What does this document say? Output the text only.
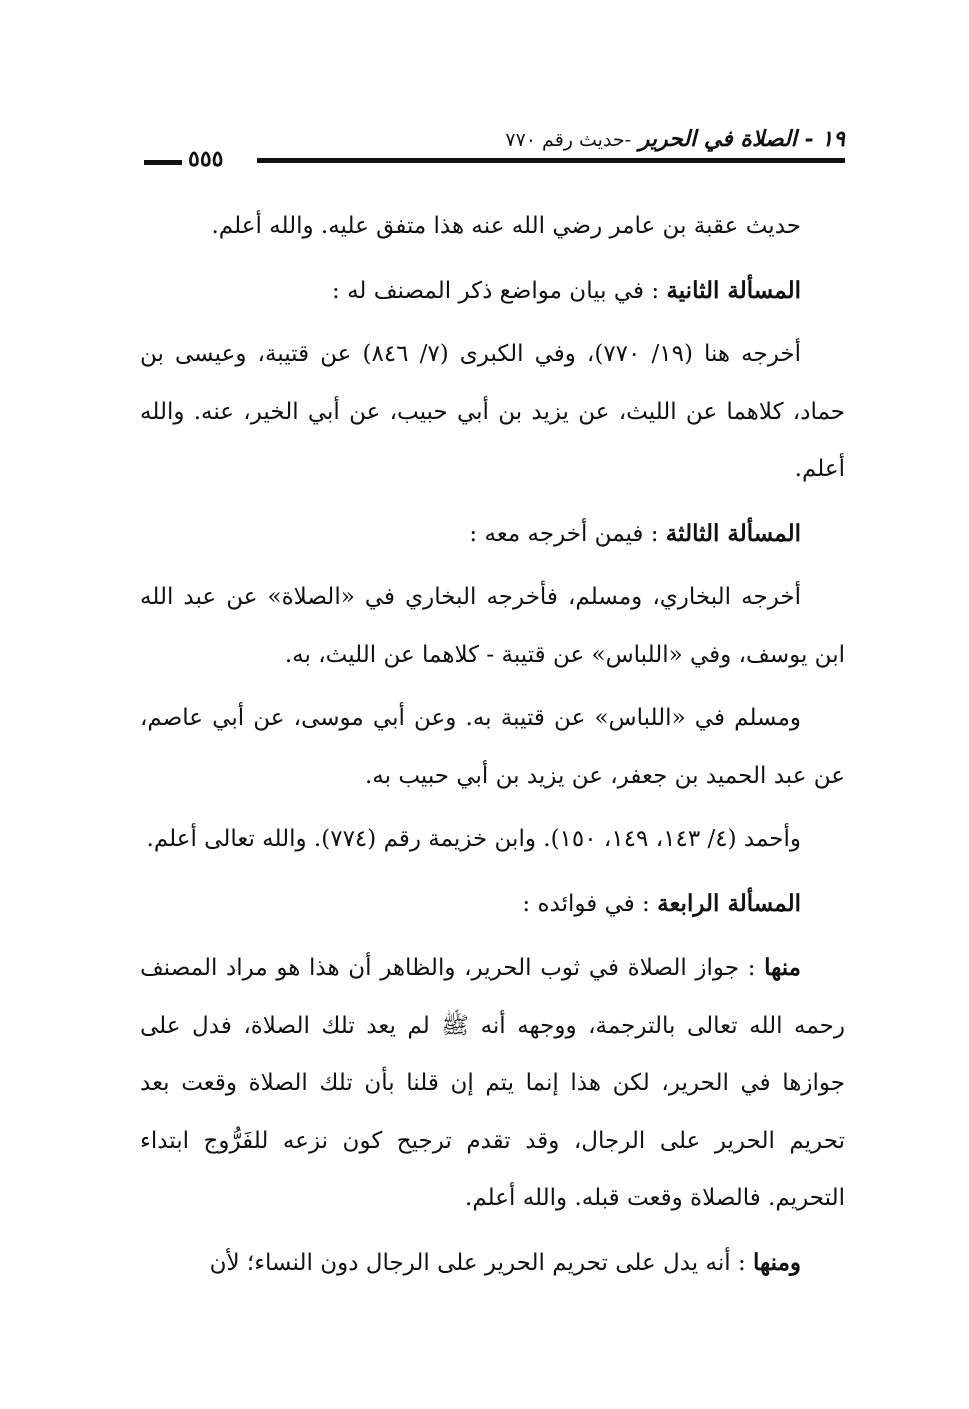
١٩ - الصلاة في الحرير -حديث رقم ٧٧٠
٥٥٥

حديث عقبة بن عامر رضي الله عنه هذا متفق عليه. والله أعلم.

المسألة الثانية : في بيان مواضع ذكر المصنف له :

أخرجه هنا (١٩/ ٧٧٠)، وفي الكبرى (٧/ ٨٤٦) عن قتيبة، وعيسى بن حماد، كلاهما عن الليث، عن يزيد بن أبي حبيب، عن أبي الخير، عنه. والله أعلم.

المسألة الثالثة : فيمن أخرجه معه :

أخرجه البخاري، ومسلم، فأخرجه البخاري في «الصلاة» عن عبد الله ابن يوسف، وفي «اللباس» عن قتيبة - كلاهما عن الليث، به.

ومسلم في «اللباس» عن قتيبة به. وعن أبي موسى، عن أبي عاصم، عن عبد الحميد بن جعفر، عن يزيد بن أبي حبيب به.

وأحمد (٤/ ١٤٣، ١٤٩، ١٥٠). وابن خزيمة رقم (٧٧٤). والله تعالى أعلم.

المسألة الرابعة : في فوائده :

منها : جواز الصلاة في ثوب الحرير، والظاهر أن هذا هو مراد المصنف رحمه الله تعالى بالترجمة، ووجهه أنه ﷺ لم يعد تلك الصلاة، فدل على جوازها في الحرير، لكن هذا إنما يتم إن قلنا بأن تلك الصلاة وقعت بعد تحريم الحرير على الرجال، وقد تقدم ترجيح كون نزعه للفَرُّوج ابتداء التحريم. فالصلاة وقعت قبله. والله أعلم.

ومنها : أنه يدل على تحريم الحرير على الرجال دون النساء؛ لأن
